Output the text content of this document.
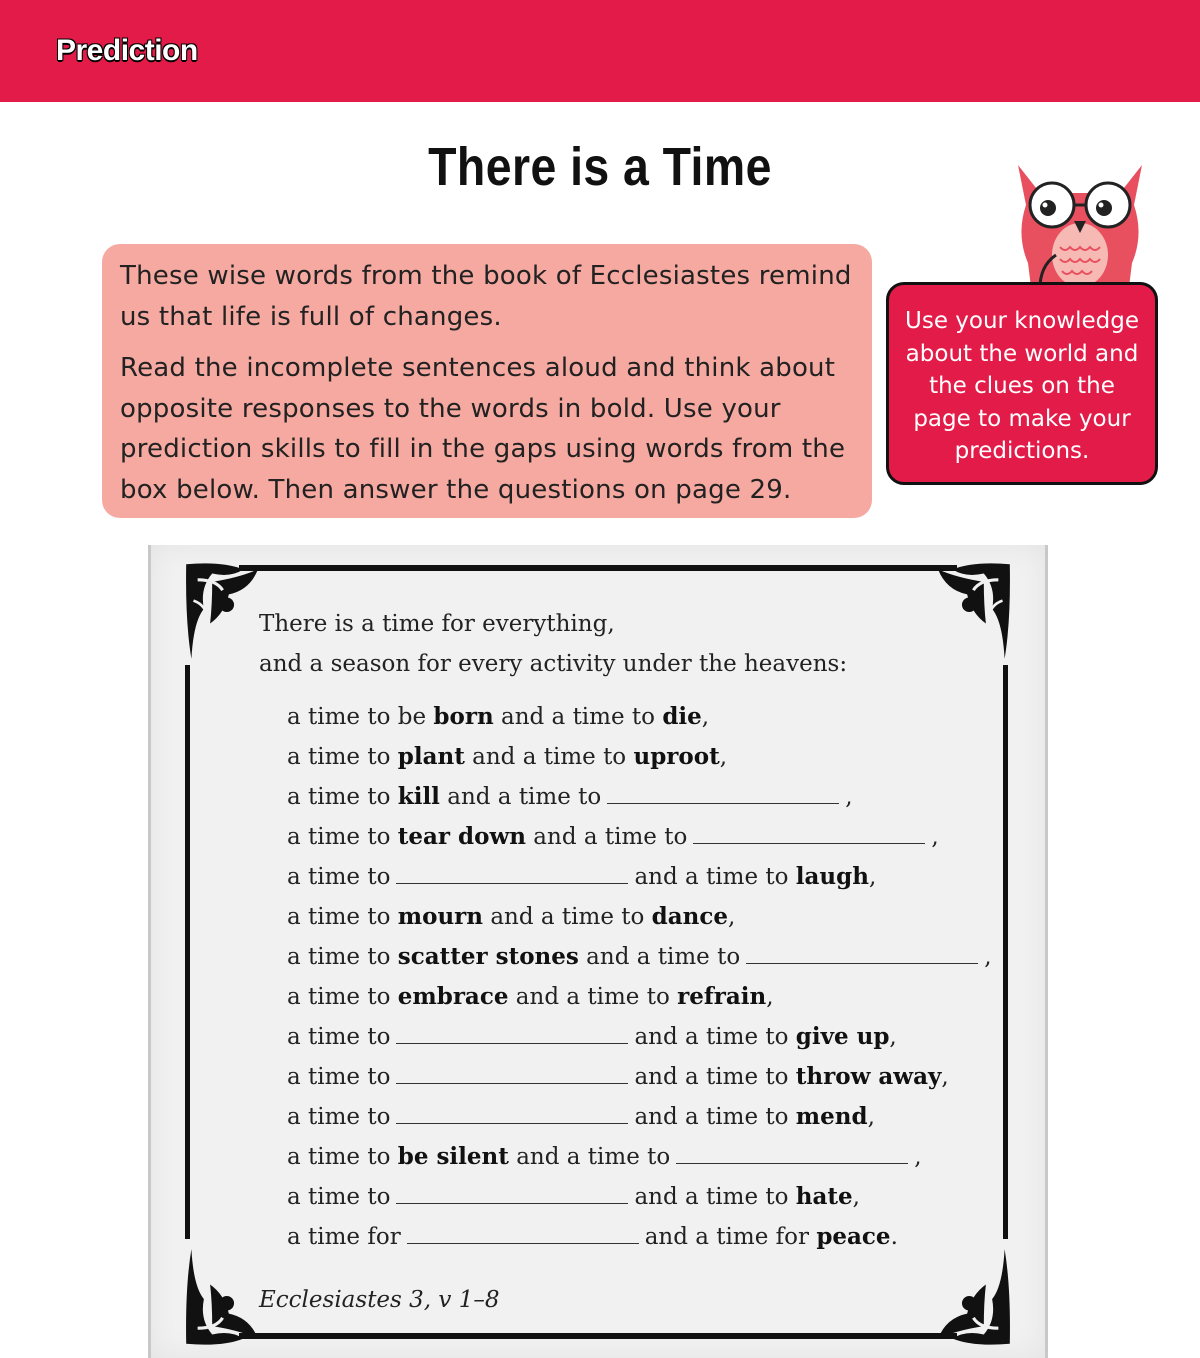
Prediction
There is a Time

These wise words from the book of Ecclesiastes remind us that life is full of changes.

Read the incomplete sentences aloud and think about opposite responses to the words in bold. Use your prediction skills to fill in the gaps using words from the box below. Then answer the questions on page 29.

Use your knowledge about the world and the clues on the page to make your predictions.
There is a time for everything,
and a season for every activity under the heavens:
a time to be born and a time to die,
a time to plant and a time to uproot,
a time to kill and a time to	,
a time to tear down and a time to	,
a time to	and a time to laugh,
a time to mourn and a time to dance,
a time to scatter stones and a time to	,
a time to embrace and a time to refrain,
a time to	and a time to give up,
a time to	and a time to throw away,
a time to	and a time to mend,
a time to be silent and a time to	,
a time to	and a time to hate,
a time for	and a time for peace.
Ecclesiastes 3, v 1–8
